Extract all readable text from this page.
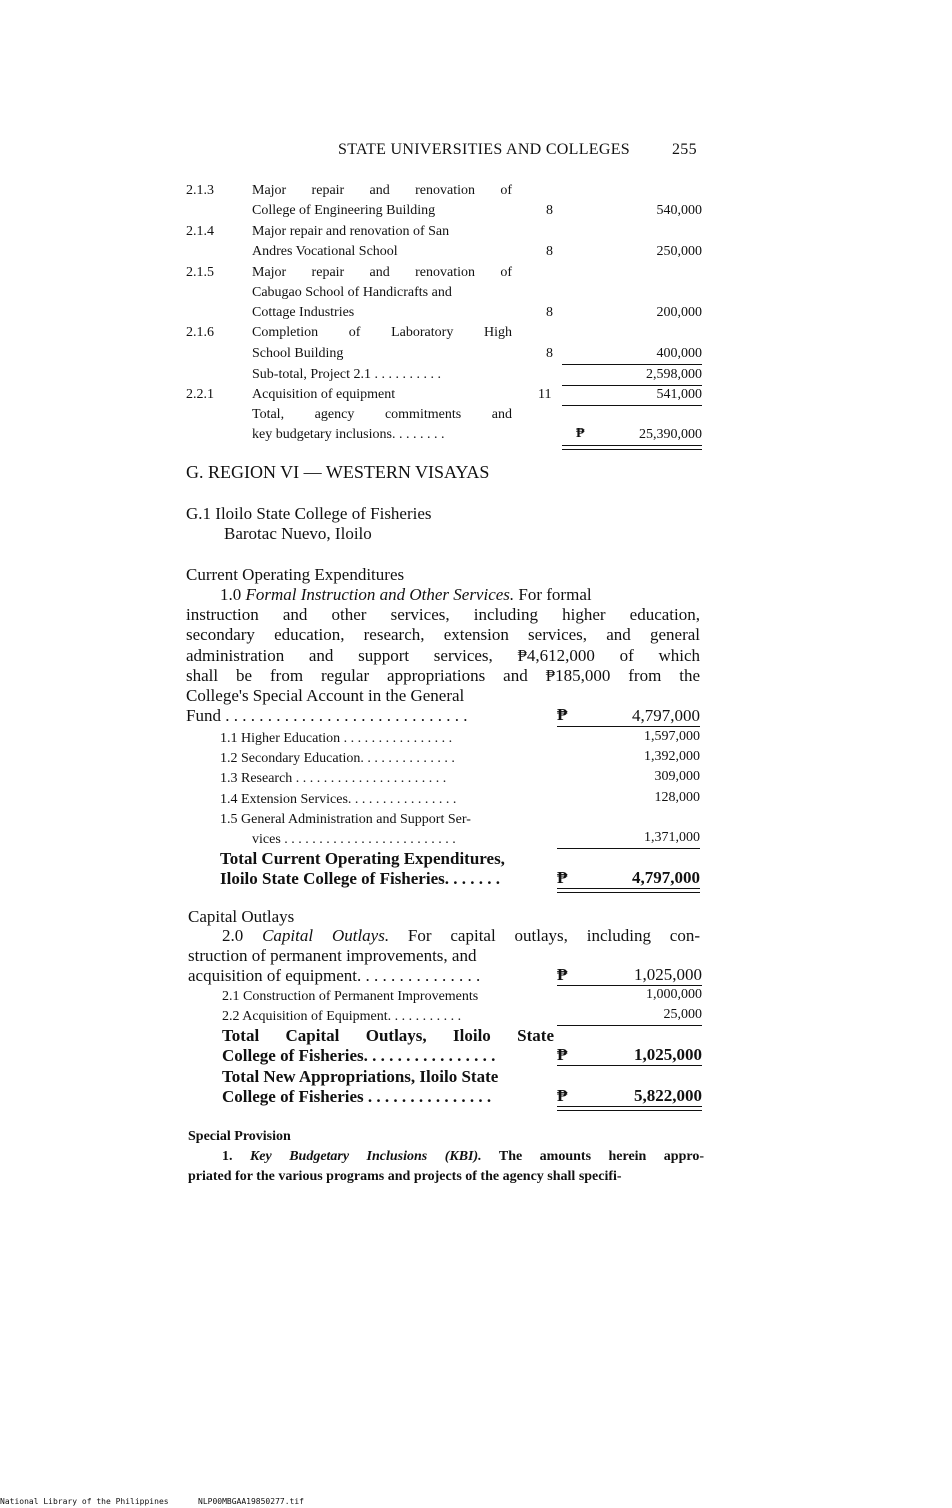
STATE UNIVERSITIES AND COLLEGES	255
2.1.3	Major repair and renovation of
College of Engineering Building	8	540,000
2.1.4	Major repair and renovation of San
Andres Vocational School	8	250,000
2.1.5	Major repair and renovation of
Cabugao School of Handicrafts and
Cottage Industries	8	200,000
2.1.6	Completion of Laboratory High
School Building	8	400,000
Sub-total, Project 2.1 . . . . . . . . . .	2,598,000
2.2.1	Acquisition of equipment	11	541,000
Total, agency commitments and
key budgetary inclusions. . . . . . . .	₱	25,390,000
G. REGION VI — WESTERN VISAYAS
G.1 Iloilo State College of Fisheries
Barotac Nuevo, Iloilo
Current Operating Expenditures
1.0 Formal Instruction and Other Services. For formal
instruction and other services, including higher education,
secondary education, research, extension services, and general
administration and support services, ₱4,612,000 of which
shall be from regular appropriations and ₱185,000 from the
College's Special Account in the General
Fund . . . . . . . . . . . . . . . . . . . . . . . . . . . . .	₱	4,797,000
1.1 Higher Education . . . . . . . . . . . . . . . .	1,597,000
1.2 Secondary Education. . . . . . . . . . . . . .	1,392,000
1.3 Research . . . . . . . . . . . . . . . . . . . . . .	309,000
1.4 Extension Services. . . . . . . . . . . . . . . .	128,000
1.5 General Administration and Support Ser-
vices . . . . . . . . . . . . . . . . . . . . . . . . .	1,371,000
Total Current Operating Expenditures,
Iloilo State College of Fisheries. . . . . . .	₱	4,797,000
Capital Outlays
2.0 Capital Outlays. For capital outlays, including con-
struction of permanent improvements, and
acquisition of equipment. . . . . . . . . . . . . . .	₱	1,025,000
2.1 Construction of Permanent Improvements	1,000,000
2.2 Acquisition of Equipment. . . . . . . . . . .	25,000
Total Capital Outlays, Iloilo State
College of Fisheries. . . . . . . . . . . . . . . .	₱	1,025,000
Total New Appropriations, Iloilo State
College of Fisheries . . . . . . . . . . . . . . .	₱	5,822,000
Special Provision
1. Key Budgetary Inclusions (KBI). The amounts herein appro-
priated for the various programs and projects of the agency shall specifi-
National Library of the Philippines	NLP00MBGAA19850277.tif
